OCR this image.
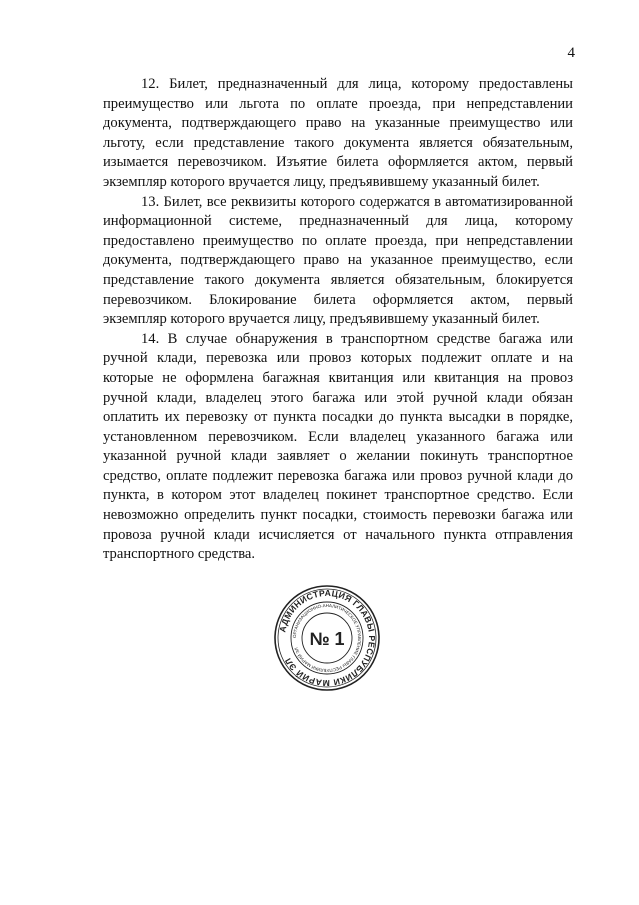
4

12. Билет, предназначенный для лица, которому предоставлены преимущество или льгота по оплате проезда, при непредставлении документа, подтверждающего право на указанные преимущество или льготу, если представление такого документа является обязательным, изымается перевозчиком. Изъятие билета оформляется актом, первый экземпляр которого вручается лицу, предъявившему указанный билет.

13. Билет, все реквизиты которого содержатся в автоматизированной информационной системе, предназначенный для лица, которому предоставлено преимущество по оплате проезда, при непредставлении документа, подтверждающего право на указанное преимущество, если представление такого документа является обязательным, блокируется перевозчиком. Блокирование билета оформляется актом, первый экземпляр которого вручается лицу, предъявившему указанный билет.

14. В случае обнаружения в транспортном средстве багажа или ручной клади, перевозка или провоз которых подлежит оплате и на которые не оформлена багажная квитанция или квитанция на провоз ручной клади, владелец этого багажа или этой ручной клади обязан оплатить их перевозку от пункта посадки до пункта высадки в порядке, установленном перевозчиком. Если владелец указанного багажа или указанной ручной клади заявляет о желании покинуть транспортное средство, оплате подлежит перевозка багажа или провоз ручной клади до пункта, в котором этот владелец покинет транспортное средство. Если невозможно определить пункт посадки, стоимость перевозки багажа или провоза ручной клади исчисляется от начального пункта отправления транспортного средства.

АДМИНИСТРАЦИЯ ГЛАВЫ РЕСПУБЛИКИ МАРИЙ ЭЛ
ОРГАНИЗАЦИОННО-АНАЛИТИЧЕСКОЕ УПРАВЛЕНИЕ ГЛАВЫ РЕСПУБЛИКИ МАРИЙ ЭЛ № 1
